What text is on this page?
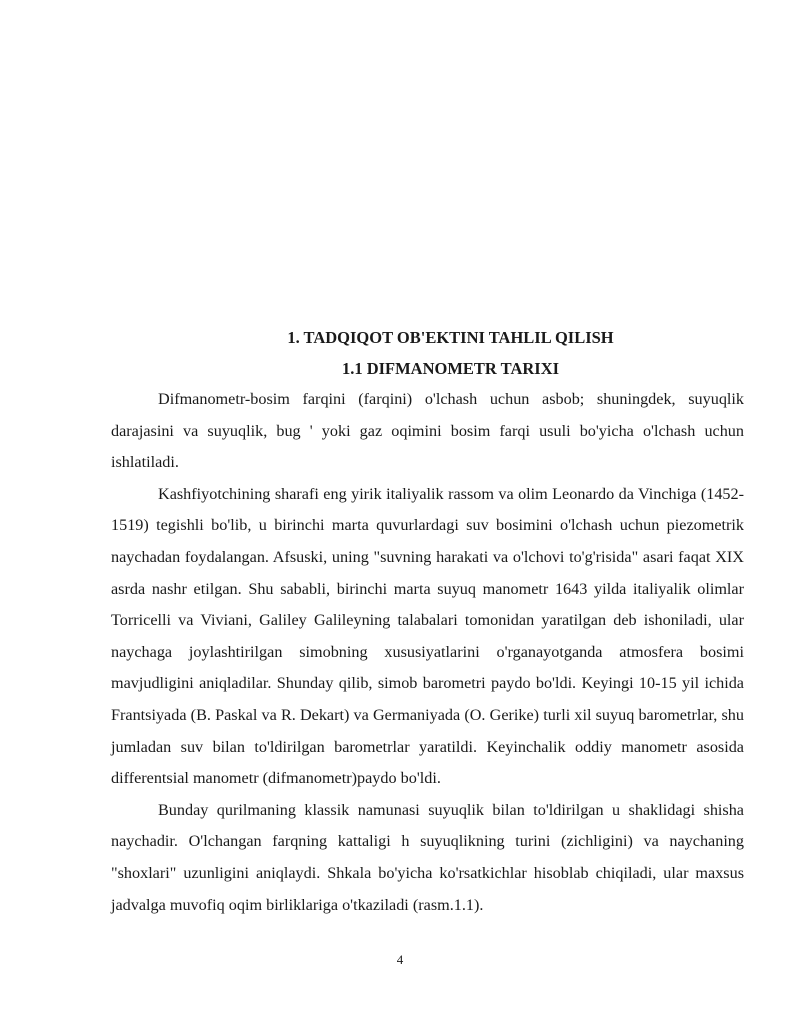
1. TADQIQOT OB'EKTINI TAHLIL QILISH
1.1 DIFMANOMETR TARIXI

Difmanometr-bosim farqini (farqini) o'lchash uchun asbob; shuningdek, suyuqlik darajasini va suyuqlik, bug ' yoki gaz oqimini bosim farqi usuli bo'yicha o'lchash uchun ishlatiladi.

Kashfiyotchining sharafi eng yirik italiyalik rassom va olim Leonardo da Vinchiga (1452-1519) tegishli bo'lib, u birinchi marta quvurlardagi suv bosimini o'lchash uchun piezometrik naychadan foydalangan. Afsuski, uning "suvning harakati va o'lchovi to'g'risida" asari faqat XIX asrda nashr etilgan. Shu sababli, birinchi marta suyuq manometr 1643 yilda italiyalik olimlar Torricelli va Viviani, Galiley Galileyning talabalari tomonidan yaratilgan deb ishoniladi, ular naychaga joylashtirilgan simobning xususiyatlarini o'rganayotganda atmosfera bosimi mavjudligini aniqladilar. Shunday qilib, simob barometri paydo bo'ldi. Keyingi 10-15 yil ichida Frantsiyada (B. Paskal va R. Dekart) va Germaniyada (O. Gerike) turli xil suyuq barometrlar, shu jumladan suv bilan to'ldirilgan barometrlar yaratildi. Keyinchalik oddiy manometr asosida differentsial manometr (difmanometr)paydo bo'ldi.

Bunday qurilmaning klassik namunasi suyuqlik bilan to'ldirilgan u shaklidagi shisha naychadir. O'lchangan farqning kattaligi h suyuqlikning turini (zichligini) va naychaning "shoxlari" uzunligini aniqlaydi. Shkala bo'yicha ko'rsatkichlar hisoblab chiqiladi, ular maxsus jadvalga muvofiq oqim birliklariga o'tkaziladi (rasm.1.1).

4
